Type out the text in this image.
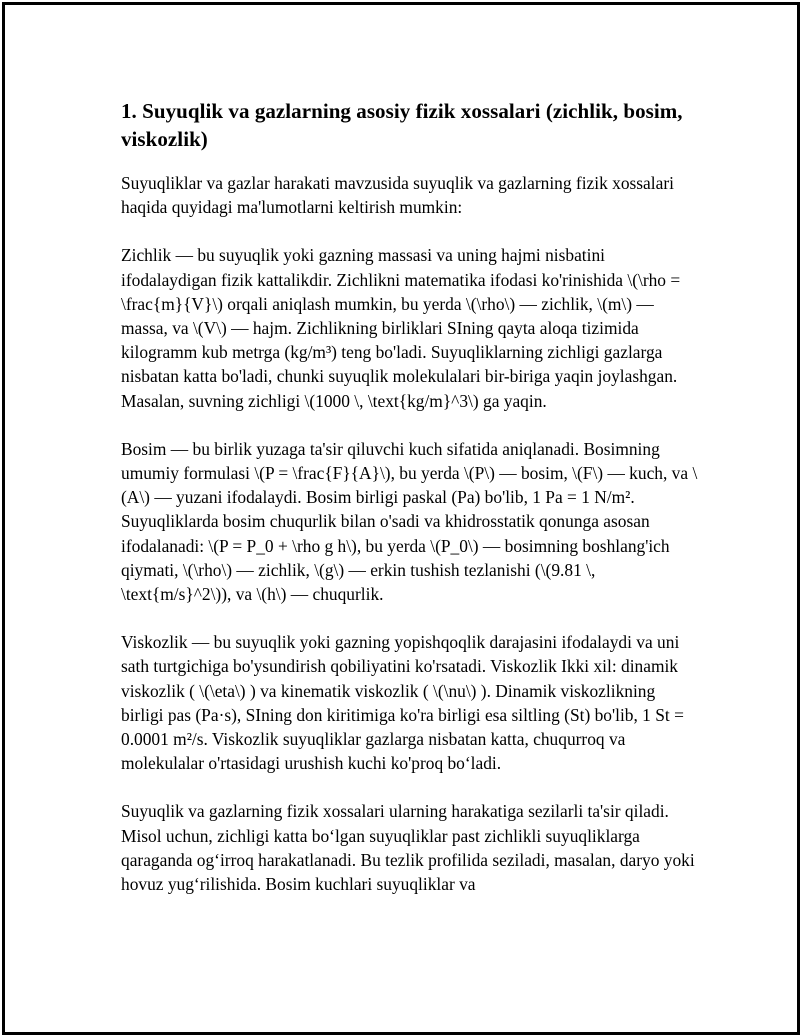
1. Suyuqlik va gazlarning asosiy fizik xossalari (zichlik, bosim, viskozlik)

Suyuqliklar va gazlar harakati mavzusida suyuqlik va gazlarning fizik xossalari haqida quyidagi ma'lumotlarni keltirish mumkin:

Zichlik — bu suyuqlik yoki gazning massasi va uning hajmi nisbatini ifodalaydigan fizik kattalikdir. Zichlikni matematika ifodasi ko'rinishida \(\rho = \frac{m}{V}\) orqali aniqlash mumkin, bu yerda \(\rho\) — zichlik, \(m\) — massa, va \(V\) — hajm. Zichlikning birliklari SIning qayta aloqa tizimida kilogramm kub metrga (kg/m³) teng bo'ladi. Suyuqliklarning zichligi gazlarga nisbatan katta bo'ladi, chunki suyuqlik molekulalari bir-biriga yaqin joylashgan. Masalan, suvning zichligi \(1000 \, \text{kg/m}^3\) ga yaqin.

Bosim — bu birlik yuzaga ta'sir qiluvchi kuch sifatida aniqlanadi. Bosimning umumiy formulasi \(P = \frac{F}{A}\), bu yerda \(P\) — bosim, \(F\) — kuch, va \(A\) — yuzani ifodalaydi. Bosim birligi paskal (Pa) bo'lib, 1 Pa = 1 N/m². Suyuqliklarda bosim chuqurlik bilan o'sadi va khidrosstatik qonunga asosan ifodalanadi: \(P = P_0 + \rho g h\), bu yerda \(P_0\) — bosimning boshlang'ich qiymati, \(\rho\) — zichlik, \(g\) — erkin tushish tezlanishi (\(9.81 \, \text{m/s}^2\)), va \(h\) — chuqurlik.

Viskozlik — bu suyuqlik yoki gazning yopishqoqlik darajasini ifodalaydi va uni sath turtgichiga bo'ysundirish qobiliyatini ko'rsatadi. Viskozlik Ikki xil: dinamik viskozlik ( \(\eta\) ) va kinematik viskozlik ( \(\nu\) ). Dinamik viskozlikning birligi pas (Pa·s), SIning don kiritimiga ko'ra birligi esa siltling (St) bo'lib, 1 St = 0.0001 m²/s. Viskozlik suyuqliklar gazlarga nisbatan katta, chuqurroq va molekulalar o'rtasidagi urushish kuchi ko'proq bo‘ladi.

Suyuqlik va gazlarning fizik xossalari ularning harakatiga sezilarli ta'sir qiladi. Misol uchun, zichligi katta bo‘lgan suyuqliklar past zichlikli suyuqliklarga qaraganda og‘irroq harakatlanadi. Bu tezlik profilida seziladi, masalan, daryo yoki hovuz yug‘rilishida. Bosim kuchlari suyuqliklar va
